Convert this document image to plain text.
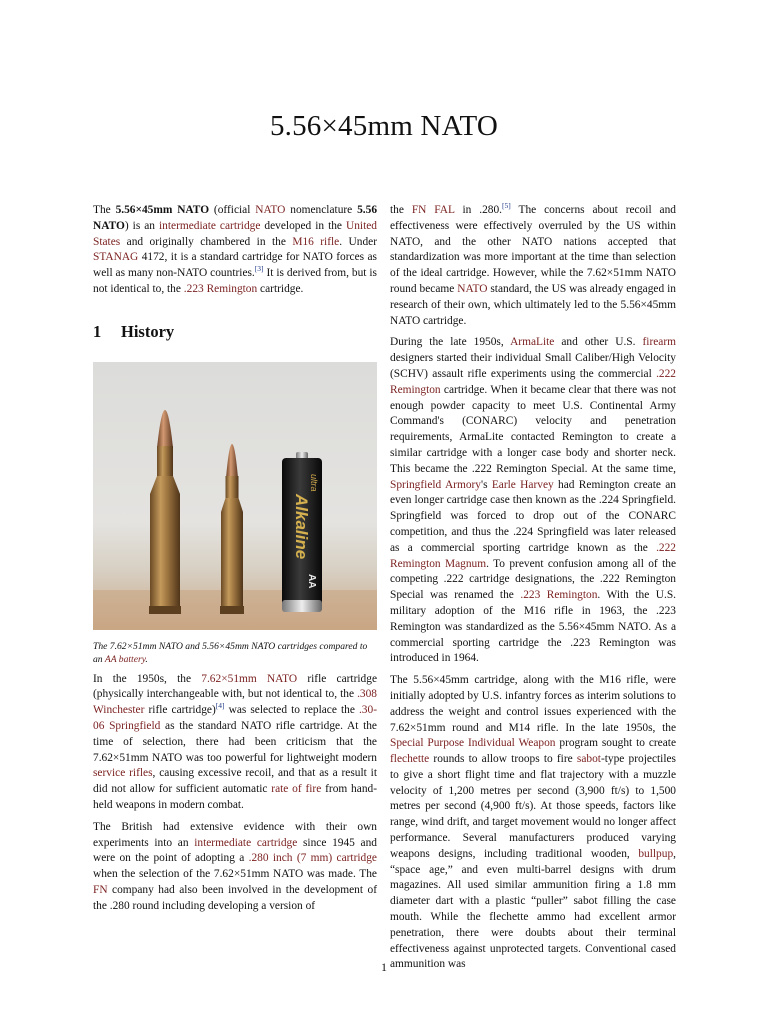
5.56×45mm NATO

The 5.56×45mm NATO (official NATO nomenclature 5.56 NATO) is an intermediate cartridge developed in the United States and originally chambered in the M16 rifle. Under STANAG 4172, it is a standard cartridge for NATO forces as well as many non-NATO countries.[3] It is derived from, but is not identical to, the .223 Remington cartridge.

1 History
ultra
Alkaline
AA

The 7.62×51mm NATO and 5.56×45mm NATO cartridges compared to an AA battery.

In the 1950s, the 7.62×51mm NATO rifle cartridge (physically interchangeable with, but not identical to, the .308 Winchester rifle cartridge)[4] was selected to replace the .30-06 Springfield as the standard NATO rifle cartridge. At the time of selection, there had been criticism that the 7.62×51mm NATO was too powerful for lightweight modern service rifles, causing excessive recoil, and that as a result it did not allow for sufficient automatic rate of fire from hand-held weapons in modern combat.

The British had extensive evidence with their own experiments into an intermediate cartridge since 1945 and were on the point of adopting a .280 inch (7 mm) cartridge when the selection of the 7.62×51mm NATO was made. The FN company had also been involved in the development of the .280 round including developing a version of

the FN FAL in .280.[5] The concerns about recoil and effectiveness were effectively overruled by the US within NATO, and the other NATO nations accepted that standardization was more important at the time than selection of the ideal cartridge. However, while the 7.62×51mm NATO round became NATO standard, the US was already engaged in research of their own, which ultimately led to the 5.56×45mm NATO cartridge.

During the late 1950s, ArmaLite and other U.S. firearm designers started their individual Small Caliber/High Velocity (SCHV) assault rifle experiments using the commercial .222 Remington cartridge. When it became clear that there was not enough powder capacity to meet U.S. Continental Army Command's (CONARC) velocity and penetration requirements, ArmaLite contacted Remington to create a similar cartridge with a longer case body and shorter neck. This became the .222 Remington Special. At the same time, Springfield Armory's Earle Harvey had Remington create an even longer cartridge case then known as the .224 Springfield. Springfield was forced to drop out of the CONARC competition, and thus the .224 Springfield was later released as a commercial sporting cartridge known as the .222 Remington Magnum. To prevent confusion among all of the competing .222 cartridge designations, the .222 Remington Special was renamed the .223 Remington. With the U.S. military adoption of the M16 rifle in 1963, the .223 Remington was standardized as the 5.56×45mm NATO. As a commercial sporting cartridge the .223 Remington was introduced in 1964.

The 5.56×45mm cartridge, along with the M16 rifle, were initially adopted by U.S. infantry forces as interim solutions to address the weight and control issues experienced with the 7.62×51mm round and M14 rifle. In the late 1950s, the Special Purpose Individual Weapon program sought to create flechette rounds to allow troops to fire sabot-type projectiles to give a short flight time and flat trajectory with a muzzle velocity of 1,200 metres per second (3,900 ft/s) to 1,500 metres per second (4,900 ft/s). At those speeds, factors like range, wind drift, and target movement would no longer affect performance. Several manufacturers produced varying weapons designs, including traditional wooden, bullpup, “space age,” and even multi-barrel designs with drum magazines. All used similar ammunition firing a 1.8 mm diameter dart with a plastic “puller” sabot filling the case mouth. While the flechette ammo had excellent armor penetration, there were doubts about their terminal effectiveness against unprotected targets. Conventional cased ammunition was

1
